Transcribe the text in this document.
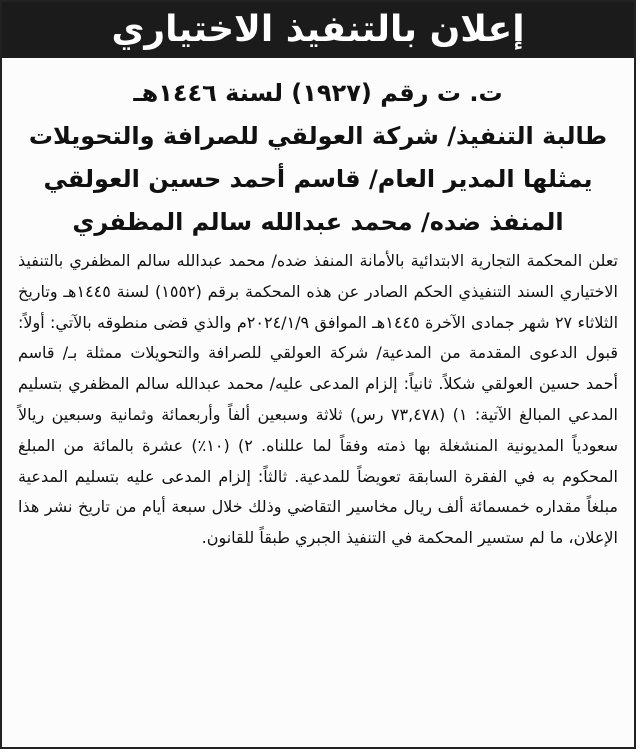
إعلان بالتنفيذ الاختياري
ت. ت رقم (١٩٢٧) لسنة ١٤٤٦هـ
طالبة التنفيذ/ شركة العولقي للصرافة والتحويلات
يمثلها المدير العام/ قاسم أحمد حسين العولقي
المنفذ ضده/ محمد عبدالله سالم المظفري

تعلن المحكمة التجارية الابتدائية بالأمانة المنفذ ضده/ محمد عبدالله سالم المظفري بالتنفيذ الاختياري السند التنفيذي الحكم الصادر عن هذه المحكمة برقم (١٥٥٢) لسنة ١٤٤٥هـ وتاريخ الثلاثاء ٢٧ شهر جمادى الآخرة ١٤٤٥هـ الموافق ٢٠٢٤/١/٩م والذي قضى منطوقه بالآتي: أولاً: قبول الدعوى المقدمة من المدعية/ شركة العولقي للصرافة والتحويلات ممثلة بـ/ قاسم أحمد حسين العولقي شكلاً. ثانياً: إلزام المدعى عليه/ محمد عبدالله سالم المظفري بتسليم المدعي المبالغ الآتية: ١) (٧٣,٤٧٨ رس) ثلاثة وسبعين ألفاً وأربعمائة وثمانية وسبعين ريالاً سعودياً المديونية المنشغلة بها ذمته وفقاً لما عللناه. ٢) (١٠٪) عشرة بالمائة من المبلغ المحكوم به في الفقرة السابقة تعويضاً للمدعية. ثالثاً: إلزام المدعى عليه بتسليم المدعية مبلغاً مقداره خمسمائة ألف ريال مخاسير التقاضي وذلك خلال سبعة أيام من تاريخ نشر هذا الإعلان، ما لم ستسير المحكمة في التنفيذ الجبري طبقاً للقانون.
